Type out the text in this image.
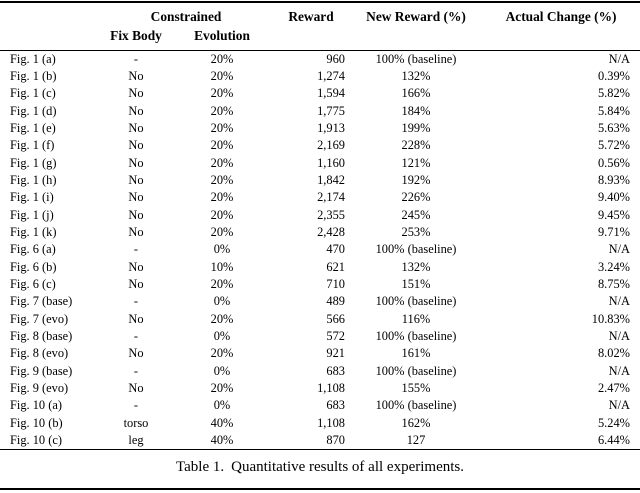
	Constrained		Reward	New Reward (%)	Actual Change (%)
	Fix Body	Evolution			
Fig. 1 (a)	-	20%	960	100% (baseline)	N/A
Fig. 1 (b)	No	20%	1,274	132%	0.39%
Fig. 1 (c)	No	20%	1,594	166%	5.82%
Fig. 1 (d)	No	20%	1,775	184%	5.84%
Fig. 1 (e)	No	20%	1,913	199%	5.63%
Fig. 1 (f)	No	20%	2,169	228%	5.72%
Fig. 1 (g)	No	20%	1,160	121%	0.56%
Fig. 1 (h)	No	20%	1,842	192%	8.93%
Fig. 1 (i)	No	20%	2,174	226%	9.40%
Fig. 1 (j)	No	20%	2,355	245%	9.45%
Fig. 1 (k)	No	20%	2,428	253%	9.71%
Fig. 6 (a)	-	0%	470	100% (baseline)	N/A
Fig. 6 (b)	No	10%	621	132%	3.24%
Fig. 6 (c)	No	20%	710	151%	8.75%
Fig. 7 (base)	-	0%	489	100% (baseline)	N/A
Fig. 7 (evo)	No	20%	566	116%	10.83%
Fig. 8 (base)	-	0%	572	100% (baseline)	N/A
Fig. 8 (evo)	No	20%	921	161%	8.02%
Fig. 9 (base)	-	0%	683	100% (baseline)	N/A
Fig. 9 (evo)	No	20%	1,108	155%	2.47%
Fig. 10 (a)	-	0%	683	100% (baseline)	N/A
Fig. 10 (b)	torso	40%	1,108	162%	5.24%
Fig. 10 (c)	leg	40%	870	127	6.44%
Table 1. Quantitative results of all experiments.
